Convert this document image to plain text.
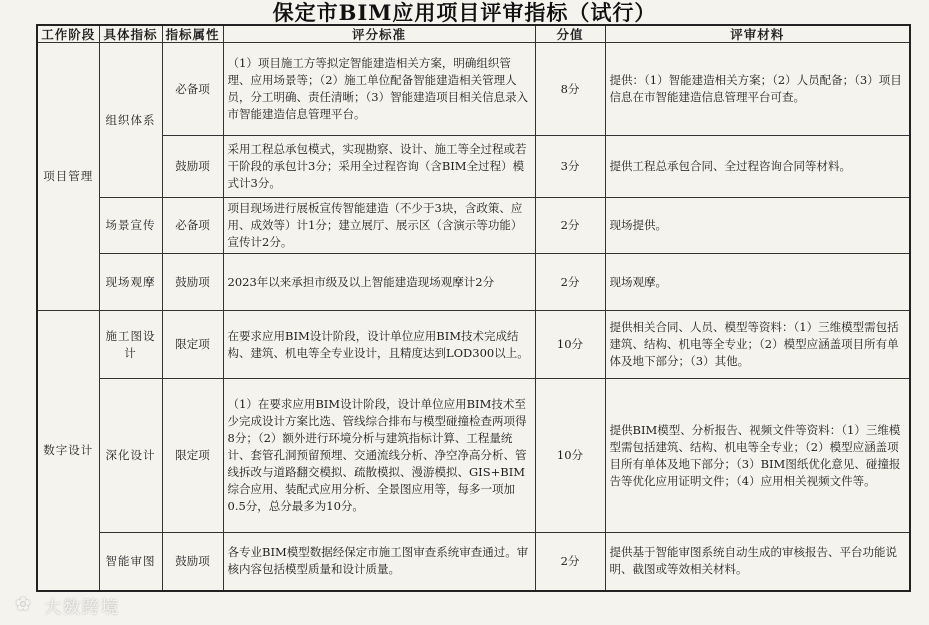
保定市BIM应用项目评审指标（试行）
工作阶段	具体指标	指标属性	评分标准	分值	评审材料
项目管理	组织体系	必备项	（1）项目施工方等拟定智能建造相关方案，明确组织管理、应用场景等；（2）施工单位配备智能建造相关管理人员，分工明确、责任清晰；（3）智能建造项目相关信息录入市智能建造信息管理平台。	8分	提供：（1）智能建造相关方案；（2）人员配备；（3）项目信息在市智能建造信息管理平台可查。
		鼓励项	采用工程总承包模式，实现勘察、设计、施工等全过程或若干阶段的承包计3分；采用全过程咨询（含BIM全过程）模式计3分。	3分	提供工程总承包合同、全过程咨询合同等材料。
	场景宣传	必备项	项目现场进行展板宣传智能建造（不少于3块，含政策、应用、成效等）计1分；建立展厅、展示区（含演示等功能）宣传计2分。	2分	现场提供。
	现场观摩	鼓励项	2023年以来承担市级及以上智能建造现场观摩计2分	2分	现场观摩。
数字设计	施工图设计	限定项	在要求应用BIM设计阶段，设计单位应用BIM技术完成结构、建筑、机电等全专业设计，且精度达到LOD300以上。	10分	提供相关合同、人员、模型等资料：（1）三维模型需包括建筑、结构、机电等全专业；（2）模型应涵盖项目所有单体及地下部分；（3）其他。
	深化设计	限定项	（1）在要求应用BIM设计阶段，设计单位应用BIM技术至少完成设计方案比选、管线综合排布与模型碰撞检查两项得8分；（2）额外进行环境分析与建筑指标计算、工程量统计、套管孔洞预留预埋、交通流线分析、净空净高分析、管线拆改与道路翻交模拟、疏散模拟、漫游模拟、GIS+BIM综合应用、装配式应用分析、全景图应用等，每多一项加0.5分，总分最多为10分。	10分	提供BIM模型、分析报告、视频文件等资料：（1）三维模型需包括建筑、结构、机电等全专业；（2）模型应涵盖项目所有单体及地下部分；（3）BIM图纸优化意见、碰撞报告等优化应用证明文件；（4）应用相关视频文件等。
	智能审图	鼓励项	各专业BIM模型数据经保定市施工图审查系统审查通过。审核内容包括模型质量和设计质量。	2分	提供基于智能审图系统自动生成的审核报告、平台功能说明、截图或等效相关材料。
✿ 大数跨境
